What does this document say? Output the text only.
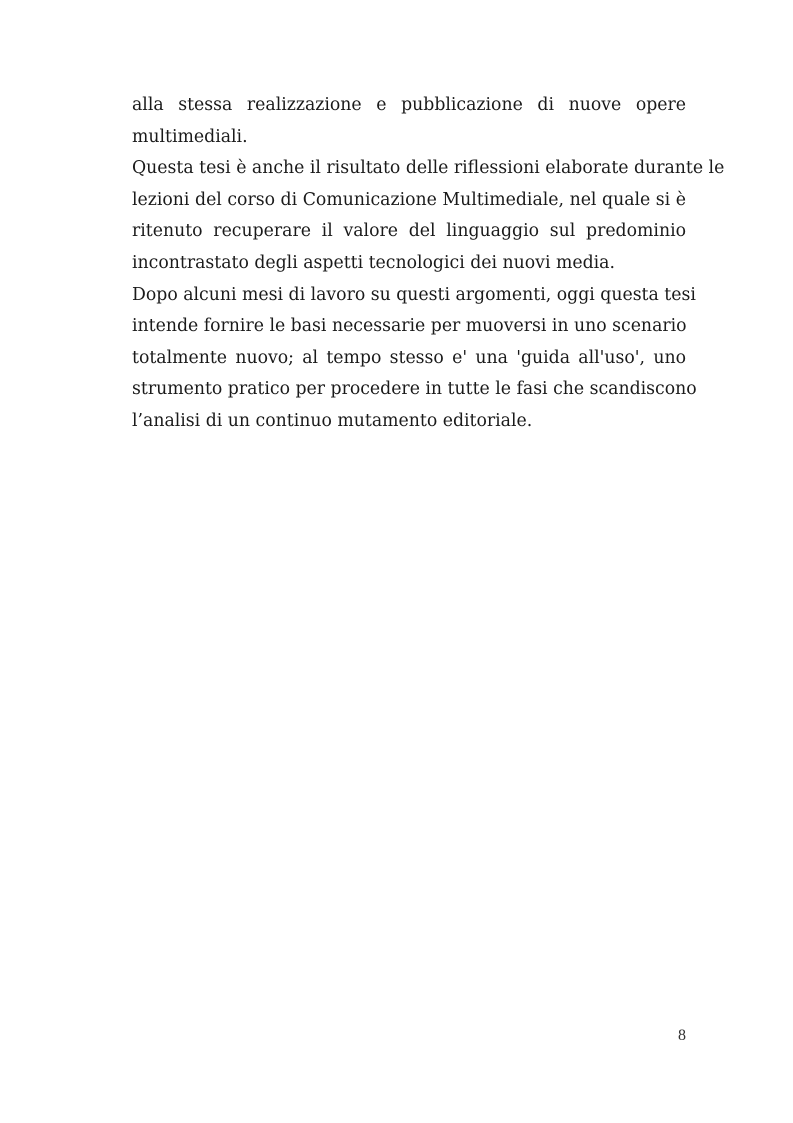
alla stessa realizzazione e pubblicazione di nuove opere
multimediali.

Questa tesi è anche il risultato delle riflessioni elaborate durante le
lezioni del corso di Comunicazione Multimediale, nel quale si è
ritenuto recuperare il valore del linguaggio sul predominio
incontrastato degli aspetti tecnologici dei nuovi media.

Dopo alcuni mesi di lavoro su questi argomenti, oggi questa tesi
intende fornire le basi necessarie per muoversi in uno scenario
totalmente nuovo; al tempo stesso e' una 'guida all'uso', uno
strumento pratico per procedere in tutte le fasi che scandiscono
l’analisi di un continuo mutamento editoriale.

8
